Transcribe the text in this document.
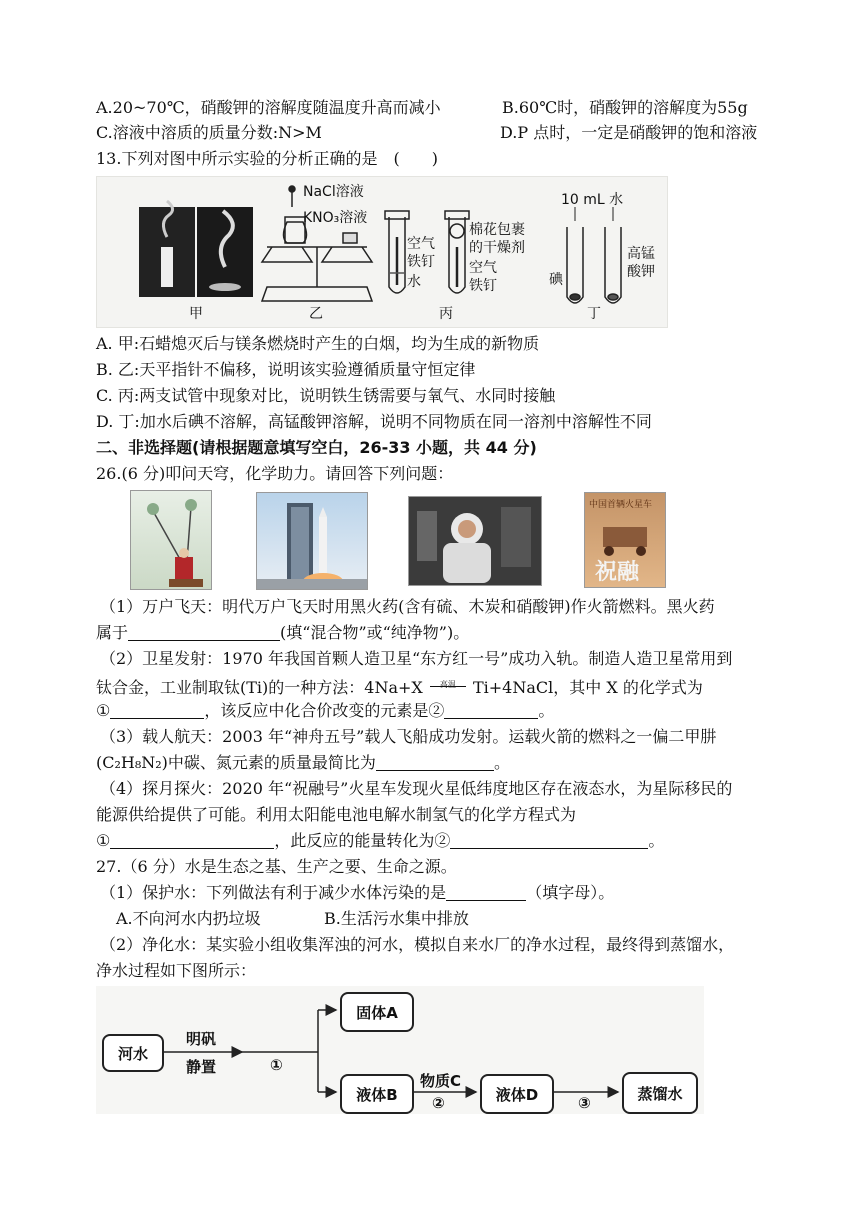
A.20~70℃，硝酸钾的溶解度随温度升高而减小	B.60℃时，硝酸钾的溶解度为55g
C.溶液中溶质的质量分数:N>M	D.P 点时，一定是硝酸钾的饱和溶液
13.下列对图中所示实验的分析正确的是　(　　)
NaCl溶液
KNO₃溶液
空气
铁钉
水
棉花包裹
的干燥剂
空气
铁钉
10 mL 水
碘
高锰
酸钾
甲	乙	丙	丁
A. 甲:石蜡熄灭后与镁条燃烧时产生的白烟，均为生成的新物质
B. 乙:天平指针不偏移，说明该实验遵循质量守恒定律
C. 丙:两支试管中现象对比，说明铁生锈需要与氧气、水同时接触
D. 丁:加水后碘不溶解，高锰酸钾溶解，说明不同物质在同一溶剂中溶解性不同
二、非选择题(请根据题意填写空白，26-33 小题，共 44 分)
26.(6 分)叩问天穹，化学助力。请回答下列问题：
中国首辆火星车
祝融
（1）万户飞天：明代万户飞天时用黑火药(含有硫、木炭和硝酸钾)作火箭燃料。黑火药
属于	(填“混合物”或“纯净物”)。
（2）卫星发射：1970 年我国首颗人造卫星“东方红一号”成功入轨。制造人造卫星常用到
钛合金，工业制取钛(Ti)的一种方法：4Na+X 高温 Ti+4NaCl，其中 X 的化学式为
①	，该反应中化合价改变的元素是②	。
（3）载人航天：2003 年“神舟五号”载人飞船成功发射。运载火箭的燃料之一偏二甲肼
(C₂H₈N₂)中碳、氮元素的质量最简比为	。
（4）探月探火：2020 年“祝融号”火星车发现火星低纬度地区存在液态水，为星际移民的
能源供给提供了可能。利用太阳能电池电解水制氢气的化学方程式为
①	，此反应的能量转化为②	。
27.（6 分）水是生态之基、生产之要、生命之源。
（1）保护水：下列做法有利于减少水体污染的是	（填字母）。
A.不向河水内扔垃圾	B.生活污水集中排放
（2）净化水：某实验小组收集浑浊的河水，模拟自来水厂的净水过程，最终得到蒸馏水，
净水过程如下图所示：
河水
明矾
静置	①
固体A
液体B
物质C
②	液体D	③
蒸馏水
